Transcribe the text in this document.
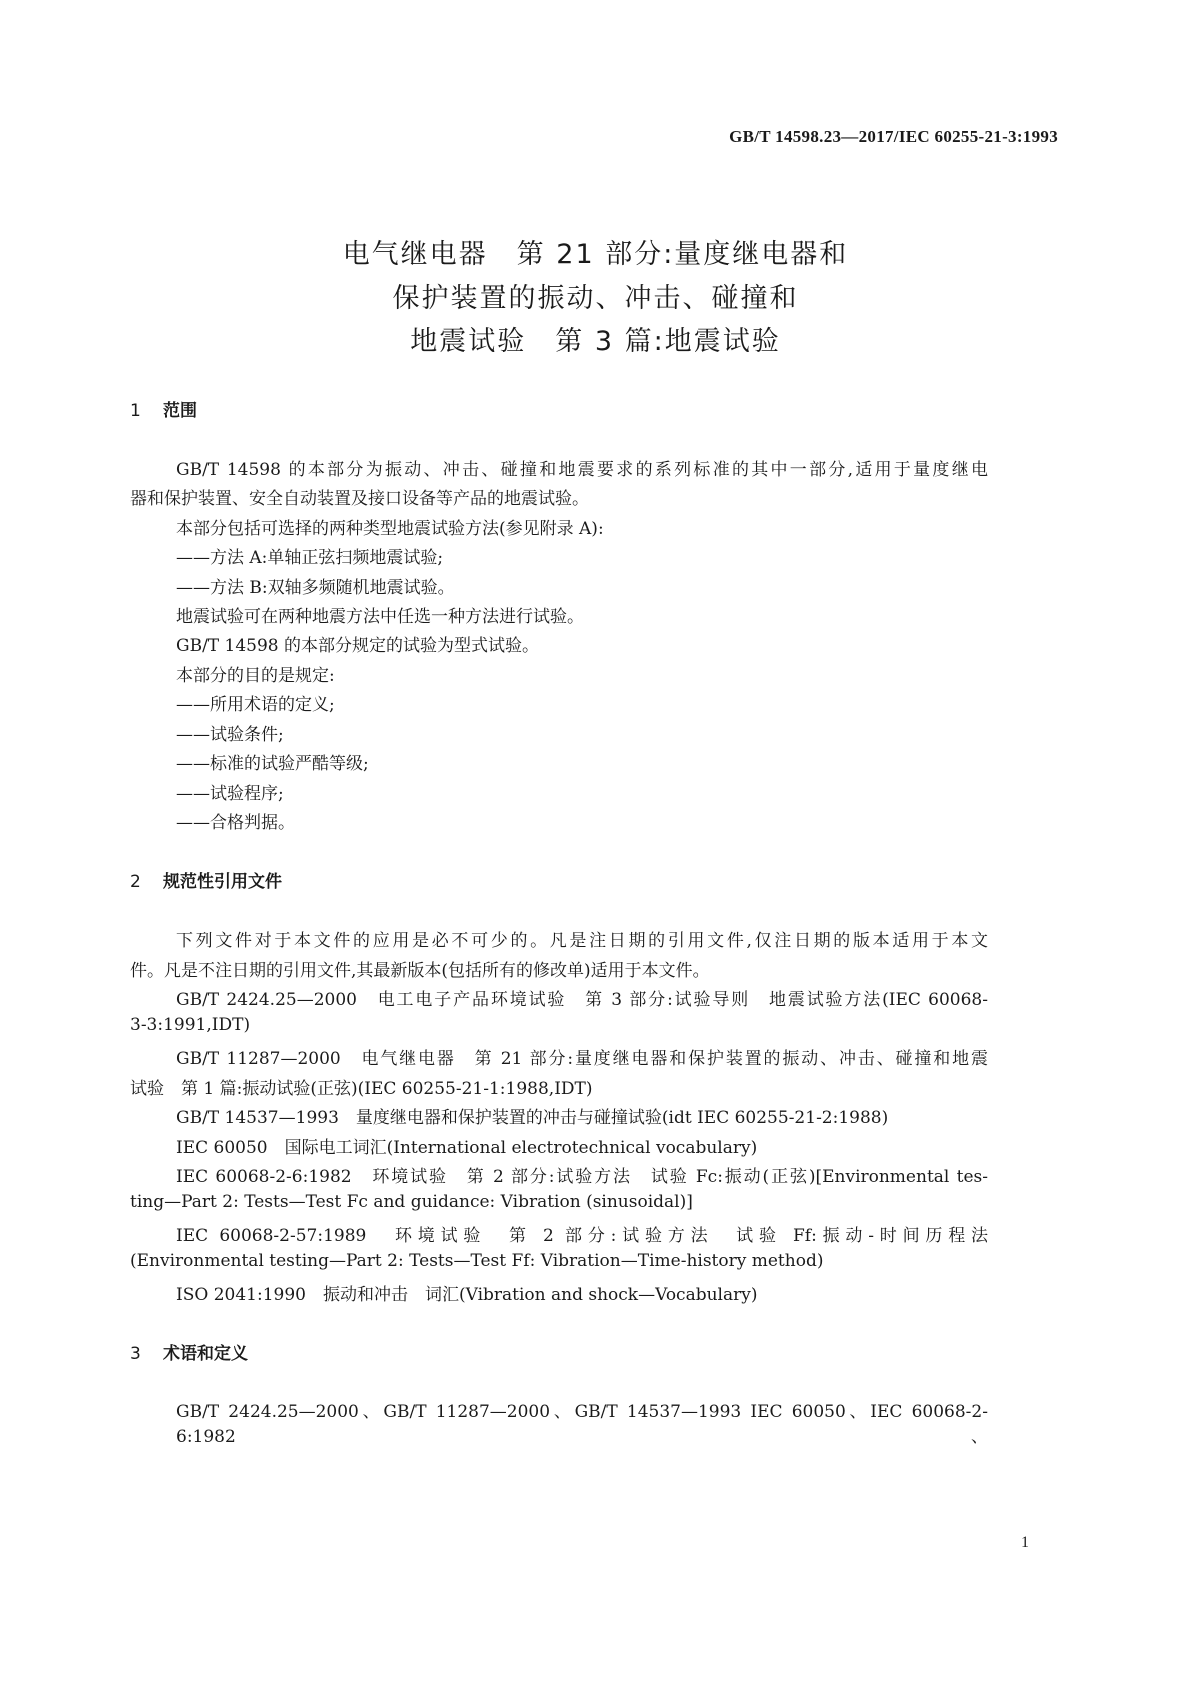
GB/T 14598.23—2017/IEC 60255-21-3:1993
电气继电器　第 21 部分:量度继电器和
保护装置的振动、冲击、碰撞和
地震试验　第 3 篇:地震试验
1 范围
GB/T 14598 的本部分为振动、冲击、碰撞和地震要求的系列标准的其中一部分,适用于量度继电
器和保护装置、安全自动装置及接口设备等产品的地震试验。
本部分包括可选择的两种类型地震试验方法(参见附录 A):
——方法 A:单轴正弦扫频地震试验;
——方法 B:双轴多频随机地震试验。
地震试验可在两种地震方法中任选一种方法进行试验。
GB/T 14598 的本部分规定的试验为型式试验。
本部分的目的是规定:
——所用术语的定义;
——试验条件;
——标准的试验严酷等级;
——试验程序;
——合格判据。
2 规范性引用文件
下列文件对于本文件的应用是必不可少的。凡是注日期的引用文件,仅注日期的版本适用于本文
件。凡是不注日期的引用文件,其最新版本(包括所有的修改单)适用于本文件。
GB/T 2424.25—2000　电工电子产品环境试验　第 3 部分:试验导则　地震试验方法(IEC 60068-
3-3:1991,IDT)
GB/T 11287—2000　电气继电器　第 21 部分:量度继电器和保护装置的振动、冲击、碰撞和地震
试验　第 1 篇:振动试验(正弦)(IEC 60255-21-1:1988,IDT)
GB/T 14537—1993　量度继电器和保护装置的冲击与碰撞试验(idt IEC 60255-21-2:1988)
IEC 60050　国际电工词汇(International electrotechnical vocabulary)
IEC 60068-2-6:1982　环境试验　第 2 部分:试验方法　试验 Fc:振动(正弦)[Environmental tes-
ting—Part 2: Tests—Test Fc and guidance: Vibration (sinusoidal)]
IEC 60068-2-57:1989　环境试验　第 2 部分:试验方法　试验 Ff:振动-时间历程法
(Environmental testing—Part 2: Tests—Test Ff: Vibration—Time-history method)
ISO 2041:1990　振动和冲击　词汇(Vibration and shock—Vocabulary)
3 术语和定义
GB/T 2424.25—2000、GB/T 11287—2000、GB/T 14537—1993 IEC 60050、IEC 60068-2-6:1982、
1
